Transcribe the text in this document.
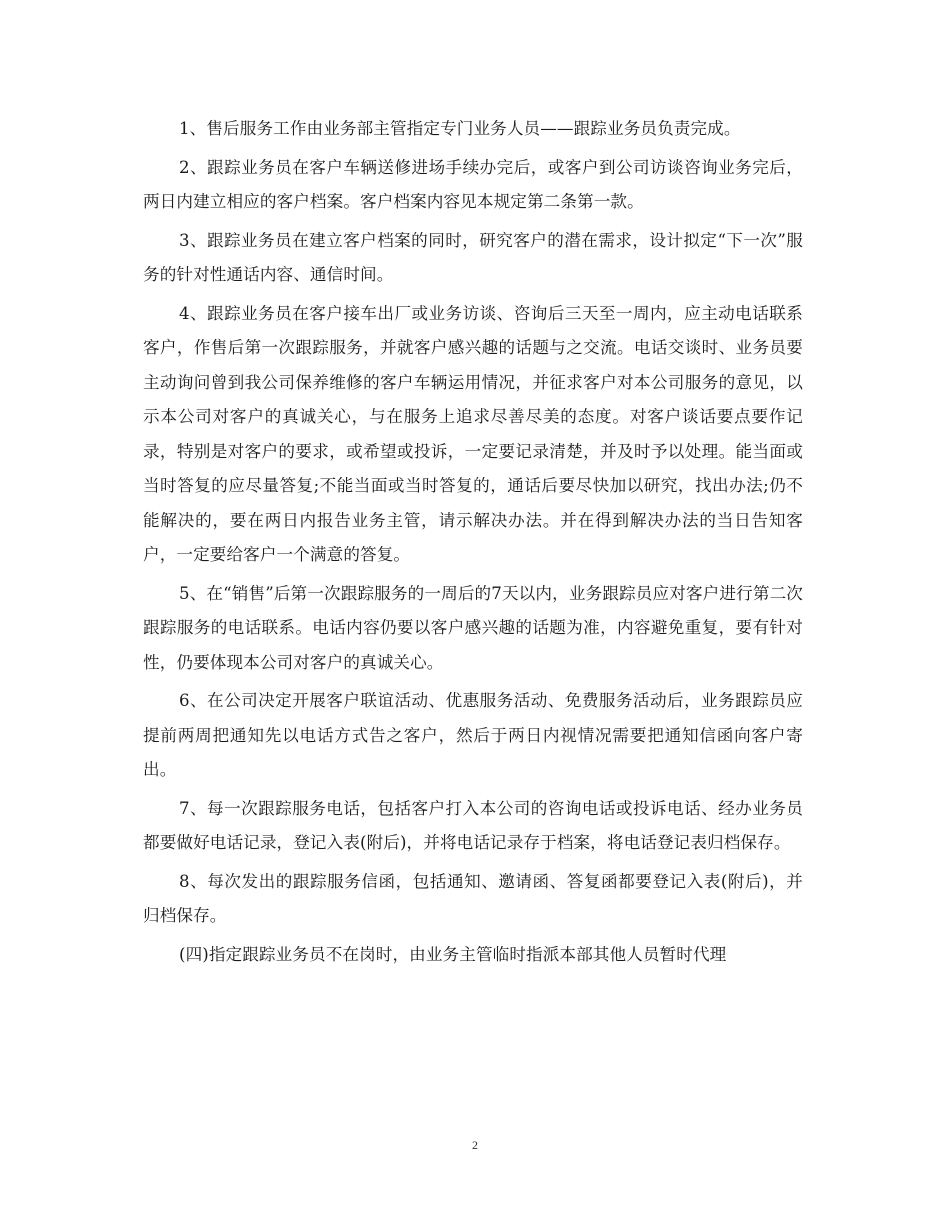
1、售后服务工作由业务部主管指定专门业务人员——跟踪业务员负责完成。

2、跟踪业务员在客户车辆送修进场手续办完后，或客户到公司访谈咨询业务完后，两日内建立相应的客户档案。客户档案内容见本规定第二条第一款。

3、跟踪业务员在建立客户档案的同时，研究客户的潜在需求，设计拟定“下一次”服务的针对性通话内容、通信时间。

4、跟踪业务员在客户接车出厂或业务访谈、咨询后三天至一周内，应主动电话联系客户，作售后第一次跟踪服务，并就客户感兴趣的话题与之交流。电话交谈时、业务员要主动询问曾到我公司保养维修的客户车辆运用情况，并征求客户对本公司服务的意见，以示本公司对客户的真诚关心，与在服务上追求尽善尽美的态度。对客户谈话要点要作记录，特别是对客户的要求，或希望或投诉，一定要记录清楚，并及时予以处理。能当面或当时答复的应尽量答复;不能当面或当时答复的，通话后要尽快加以研究，找出办法;仍不能解决的，要在两日内报告业务主管，请示解决办法。并在得到解决办法的当日告知客户，一定要给客户一个满意的答复。

5、在“销售”后第一次跟踪服务的一周后的7天以内，业务跟踪员应对客户进行第二次跟踪服务的电话联系。电话内容仍要以客户感兴趣的话题为准，内容避免重复，要有针对性，仍要体现本公司对客户的真诚关心。

6、在公司决定开展客户联谊活动、优惠服务活动、免费服务活动后，业务跟踪员应提前两周把通知先以电话方式告之客户，然后于两日内视情况需要把通知信函向客户寄出。

7、每一次跟踪服务电话，包括客户打入本公司的咨询电话或投诉电话、经办业务员都要做好电话记录，登记入表(附后)，并将电话记录存于档案，将电话登记表归档保存。

8、每次发出的跟踪服务信函，包括通知、邀请函、答复函都要登记入表(附后)，并归档保存。

(四)指定跟踪业务员不在岗时，由业务主管临时指派本部其他人员暂时代理

2
